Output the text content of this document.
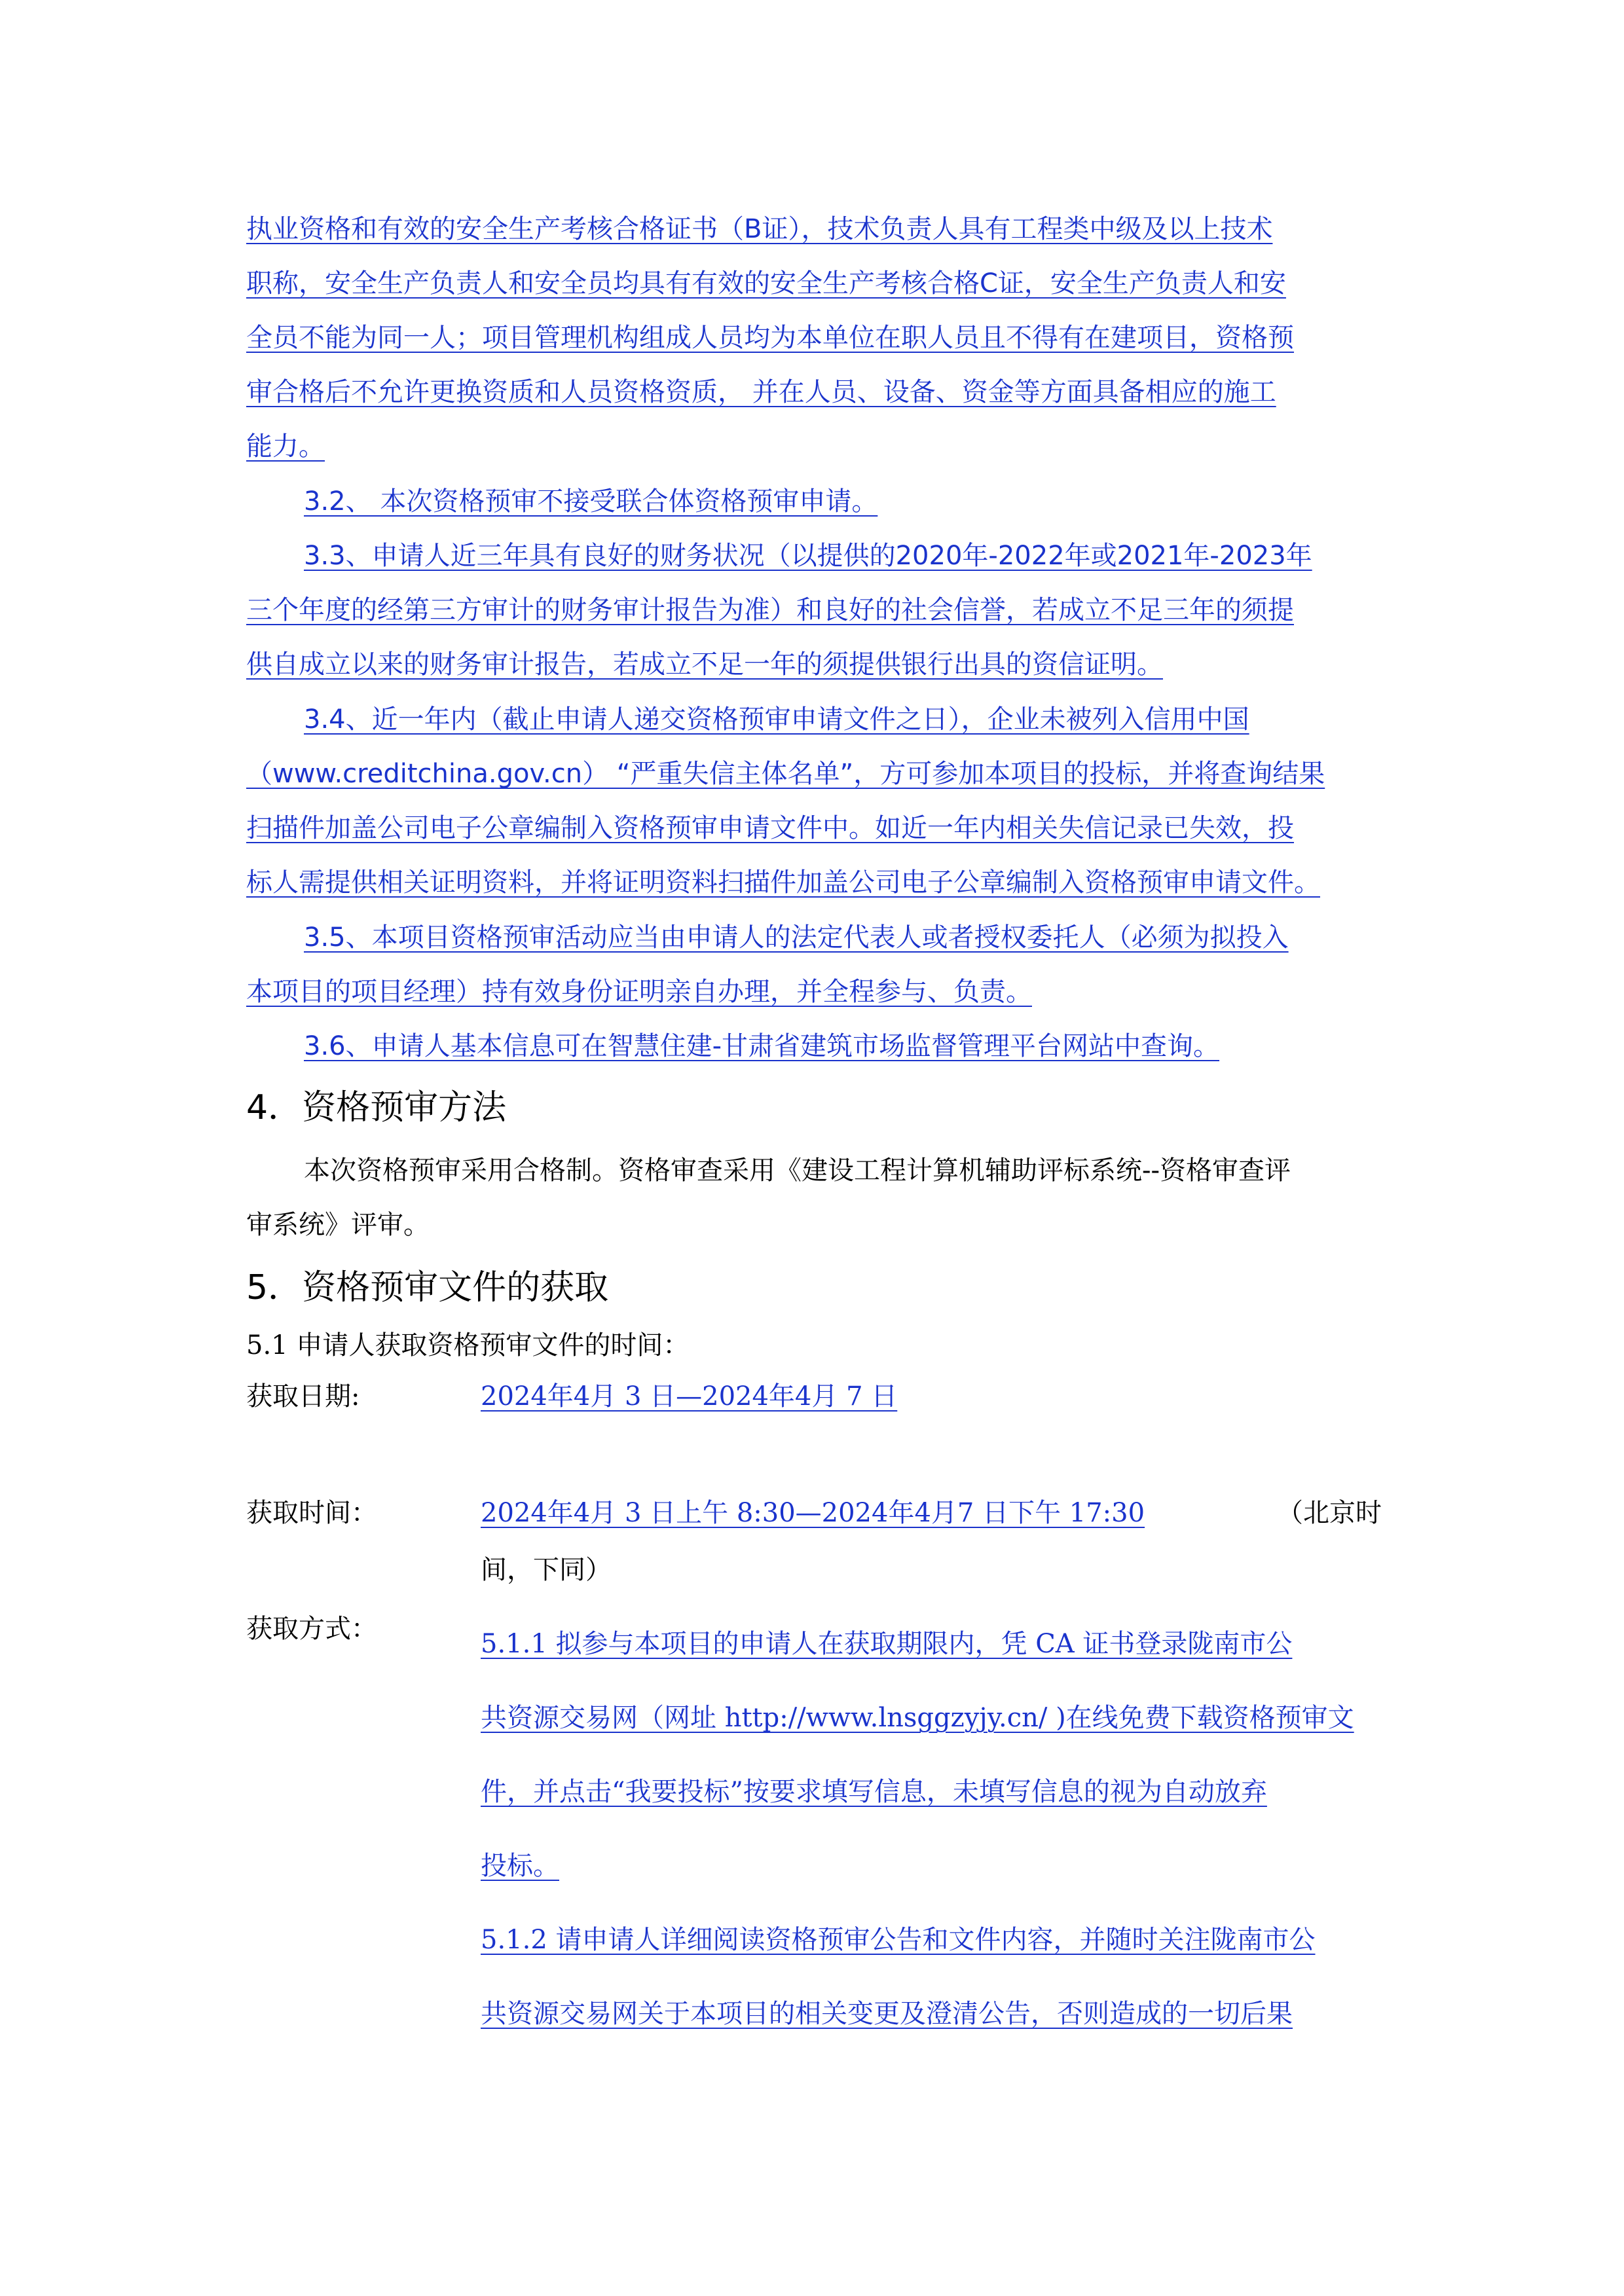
执业资格和有效的安全生产考核合格证书（B证），技术负责人具有工程类中级及以上技术
职称，安全生产负责人和安全员均具有有效的安全生产考核合格C证，安全生产负责人和安
全员不能为同一人；项目管理机构组成人员均为本单位在职人员且不得有在建项目，资格预
审合格后不允许更换资质和人员资格资质， 并在人员、设备、资金等方面具备相应的施工
能力。
3.2、 本次资格预审不接受联合体资格预审申请。
3.3、申请人近三年具有良好的财务状况（以提供的2020年-2022年或2021年-2023年
三个年度的经第三方审计的财务审计报告为准）和良好的社会信誉，若成立不足三年的须提
供自成立以来的财务审计报告，若成立不足一年的须提供银行出具的资信证明。
3.4、近一年内（截止申请人递交资格预审申请文件之日），企业未被列入信用中国
（www.creditchina.gov.cn） “严重失信主体名单”，方可参加本项目的投标，并将查询结果
扫描件加盖公司电子公章编制入资格预审申请文件中。如近一年内相关失信记录已失效，投
标人需提供相关证明资料，并将证明资料扫描件加盖公司电子公章编制入资格预审申请文件。
3.5、本项目资格预审活动应当由申请人的法定代表人或者授权委托人（必须为拟投入
本项目的项目经理）持有效身份证明亲自办理，并全程参与、负责。
3.6、申请人基本信息可在智慧住建-甘肃省建筑市场监督管理平台网站中查询。
4．资格预审方法
本次资格预审采用合格制。资格审查采用《建设工程计算机辅助评标系统--资格审查评
审系统》评审。
5．资格预审文件的获取
5.1 申请人获取资格预审文件的时间：
获取日期:	2024年4月 3 日—2024年4月 7 日
获取时间：	2024年4月 3 日上午 8:30—2024年4月7 日下午 17:30	（北京时
间，下同）
获取方式：	5.1.1 拟参与本项目的申请人在获取期限内，凭 CA 证书登录陇南市公
共资源交易网（网址 http://www.lnsggzyjy.cn/ )在线免费下载资格预审文
件，并点击“我要投标”按要求填写信息，未填写信息的视为自动放弃
投标。
5.1.2 请申请人详细阅读资格预审公告和文件内容，并随时关注陇南市公
共资源交易网关于本项目的相关变更及澄清公告，否则造成的一切后果
